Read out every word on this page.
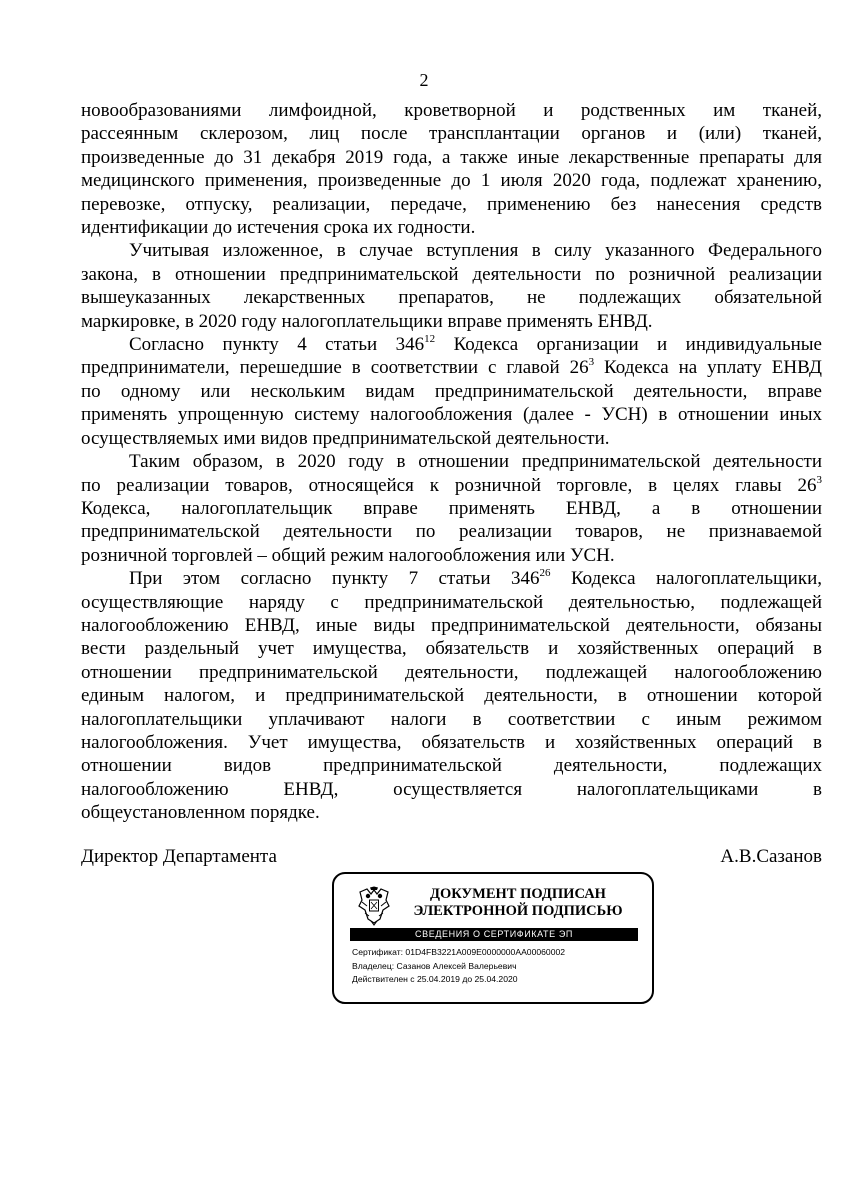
2
новообразованиями лимфоидной, кроветворной и родственных им тканей,
рассеянным склерозом, лиц после трансплантации органов и (или) тканей,
произведенные до 31 декабря 2019 года, а также иные лекарственные препараты для
медицинского применения, произведенные до 1 июля 2020 года, подлежат хранению,
перевозке, отпуску, реализации, передаче, применению без нанесения средств
идентификации до истечения срока их годности.
Учитывая изложенное, в случае вступления в силу указанного Федерального
закона, в отношении предпринимательской деятельности по розничной реализации
вышеуказанных лекарственных препаратов, не подлежащих обязательной
маркировке, в 2020 году налогоплательщики вправе применять ЕНВД.
Согласно пункту 4 статьи $346^{12}$ Кодекса организации и индивидуальные
предприниматели, перешедшие в соответствии с главой $26^3$ Кодекса на уплату ЕНВД
по одному или нескольким видам предпринимательской деятельности, вправе
применять упрощенную систему налогообложения (далее - УСН) в отношении иных
осуществляемых ими видов предпринимательской деятельности.
Таким образом, в 2020 году в отношении предпринимательской деятельности
по реализации товаров, относящейся к розничной торговле, в целях главы $26^3$
Кодекса, налогоплательщик вправе применять ЕНВД, а в отношении
предпринимательской деятельности по реализации товаров, не признаваемой
розничной торговлей – общий режим налогообложения или УСН.
При этом согласно пункту 7 статьи $346^{26}$ Кодекса налогоплательщики,
осуществляющие наряду с предпринимательской деятельностью, подлежащей
налогообложению ЕНВД, иные виды предпринимательской деятельности, обязаны
вести раздельный учет имущества, обязательств и хозяйственных операций в
отношении предпринимательской деятельности, подлежащей налогообложению
единым налогом, и предпринимательской деятельности, в отношении которой
налогоплательщики уплачивают налоги в соответствии с иным режимом
налогообложения. Учет имущества, обязательств и хозяйственных операций в
отношении видов предпринимательской деятельности, подлежащих
налогообложению ЕНВД, осуществляется налогоплательщиками в
общеустановленном порядке.
Директор Департамента	А.В.Сазанов
ДОКУМЕНТ ПОДПИСАН
ЭЛЕКТРОННОЙ ПОДПИСЬЮ
СВЕДЕНИЯ О СЕРТИФИКАТЕ ЭП
Сертификат: 01D4FB3221A009E0000000AA00060002
Владелец: Сазанов Алексей Валерьевич
Действителен с 25.04.2019 до 25.04.2020
